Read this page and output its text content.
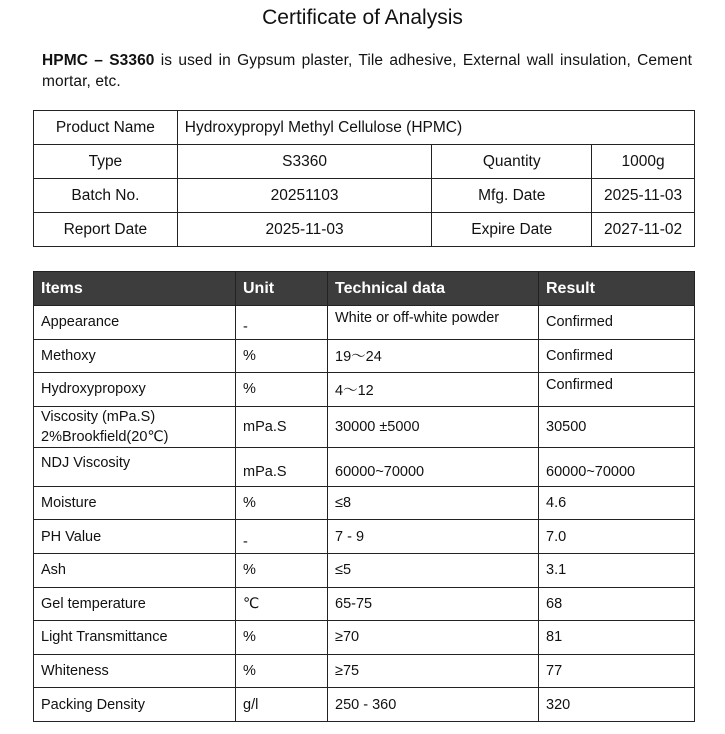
Certificate of Analysis
HPMC – S3360 is used in Gypsum plaster, Tile adhesive, External wall insulation, Cement mortar, etc.
Product Name	Hydroxypropyl Methyl Cellulose (HPMC)		
Type	S3360	Quantity	1000g
Batch No.	20251103	Mfg. Date	2025-11-03
Report Date	2025-11-03	Expire Date	2027-11-02
Items	Unit	Technical data	Result
Appearance	-	White or off-white powder	Confirmed
Methoxy	%	19～24	Confirmed
Hydroxypropoxy	%	4～12	Confirmed

Viscosity (mPa.S)
2%Brookfield(20℃)	mPa.S	30000 ±5000	30500

NDJ Viscosity	mPa.S	60000~70000	60000~70000

Moisture	%	≤8	4.6
PH Value	-	7 - 9	7.0
Ash	%	≤5	3.1
Gel temperature	℃	65-75	68
Light Transmittance	%	≥70	81
Whiteness	%	≥75	77
Packing Density	g/l	250 - 360	320
